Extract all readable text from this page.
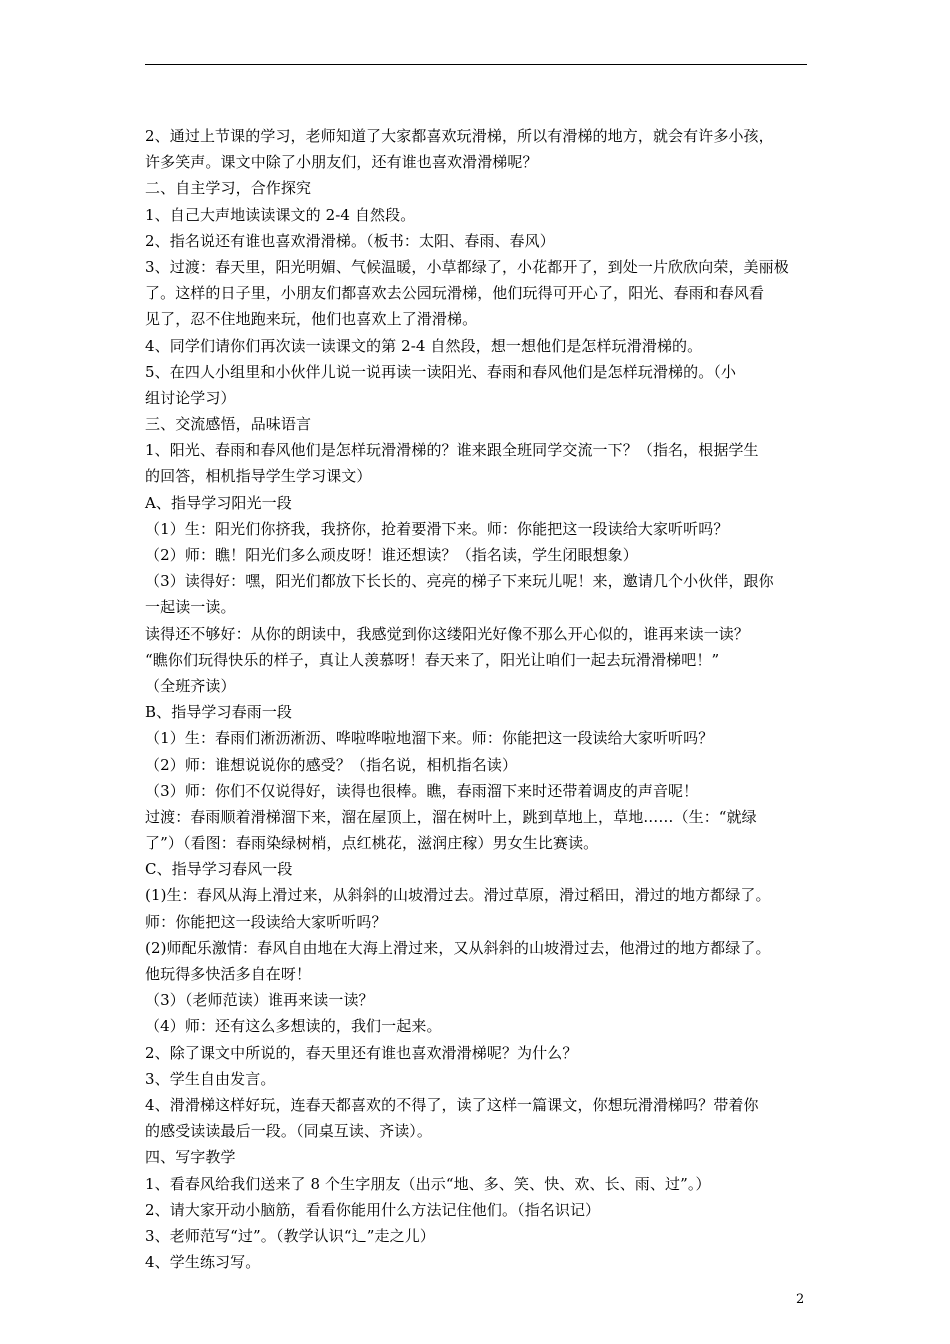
2、通过上节课的学习，老师知道了大家都喜欢玩滑梯，所以有滑梯的地方，就会有许多小孩，
许多笑声。课文中除了小朋友们，还有谁也喜欢滑滑梯呢？
二、自主学习，合作探究
1、自己大声地读读课文的 2-4 自然段。
2、指名说还有谁也喜欢滑滑梯。（板书：太阳、春雨、春风）
3、过渡：春天里，阳光明媚、气候温暖，小草都绿了，小花都开了，到处一片欣欣向荣，美丽极
了。这样的日子里，小朋友们都喜欢去公园玩滑梯，他们玩得可开心了，阳光、春雨和春风看
见了，忍不住地跑来玩，他们也喜欢上了滑滑梯。
4、同学们请你们再次读一读课文的第 2-4 自然段，想一想他们是怎样玩滑滑梯的。
5、在四人小组里和小伙伴儿说一说再读一读阳光、春雨和春风他们是怎样玩滑梯的。（小
组讨论学习）
三、交流感悟，品味语言
1、阳光、春雨和春风他们是怎样玩滑滑梯的？谁来跟全班同学交流一下？（指名，根据学生
的回答，相机指导学生学习课文）
A、指导学习阳光一段
（1）生：阳光们你挤我，我挤你，抢着要滑下来。师：你能把这一段读给大家听听吗？
（2）师：瞧！阳光们多么顽皮呀！谁还想读？（指名读，学生闭眼想象）
（3）读得好：嘿，阳光们都放下长长的、亮亮的梯子下来玩儿呢！来，邀请几个小伙伴，跟你
一起读一读。
读得还不够好：从你的朗读中，我感觉到你这缕阳光好像不那么开心似的，谁再来读一读？
“瞧你们玩得快乐的样子，真让人羡慕呀！春天来了，阳光让咱们一起去玩滑滑梯吧！”
（全班齐读）
B、指导学习春雨一段
（1）生：春雨们淅沥淅沥、哗啦哗啦地溜下来。师：你能把这一段读给大家听听吗？
（2）师：谁想说说你的感受？（指名说，相机指名读）
（3）师：你们不仅说得好，读得也很棒。瞧，春雨溜下来时还带着调皮的声音呢！
过渡：春雨顺着滑梯溜下来，溜在屋顶上，溜在树叶上，跳到草地上，草地……（生：“就绿
了”）（看图：春雨染绿树梢，点红桃花，滋润庄稼）男女生比赛读。
C、指导学习春风一段
(1)生：春风从海上滑过来，从斜斜的山坡滑过去。滑过草原，滑过稻田，滑过的地方都绿了。
师：你能把这一段读给大家听听吗？
(2)师配乐激情：春风自由地在大海上滑过来，又从斜斜的山坡滑过去，他滑过的地方都绿了。
他玩得多快活多自在呀！
（3）（老师范读）谁再来读一读？
（4）师：还有这么多想读的，我们一起来。
2、除了课文中所说的，春天里还有谁也喜欢滑滑梯呢？为什么？
3、学生自由发言。
4、滑滑梯这样好玩，连春天都喜欢的不得了，读了这样一篇课文，你想玩滑滑梯吗？带着你
的感受读读最后一段。（同桌互读、齐读）。
四、写字教学
1、看春风给我们送来了 8 个生字朋友（出示“地、多、笑、快、欢、长、雨、过”。）
2、请大家开动小脑筋，看看你能用什么方法记住他们。（指名识记）
3、老师范写“过”。（教学认识“辶”走之儿）
4、学生练习写。
2
